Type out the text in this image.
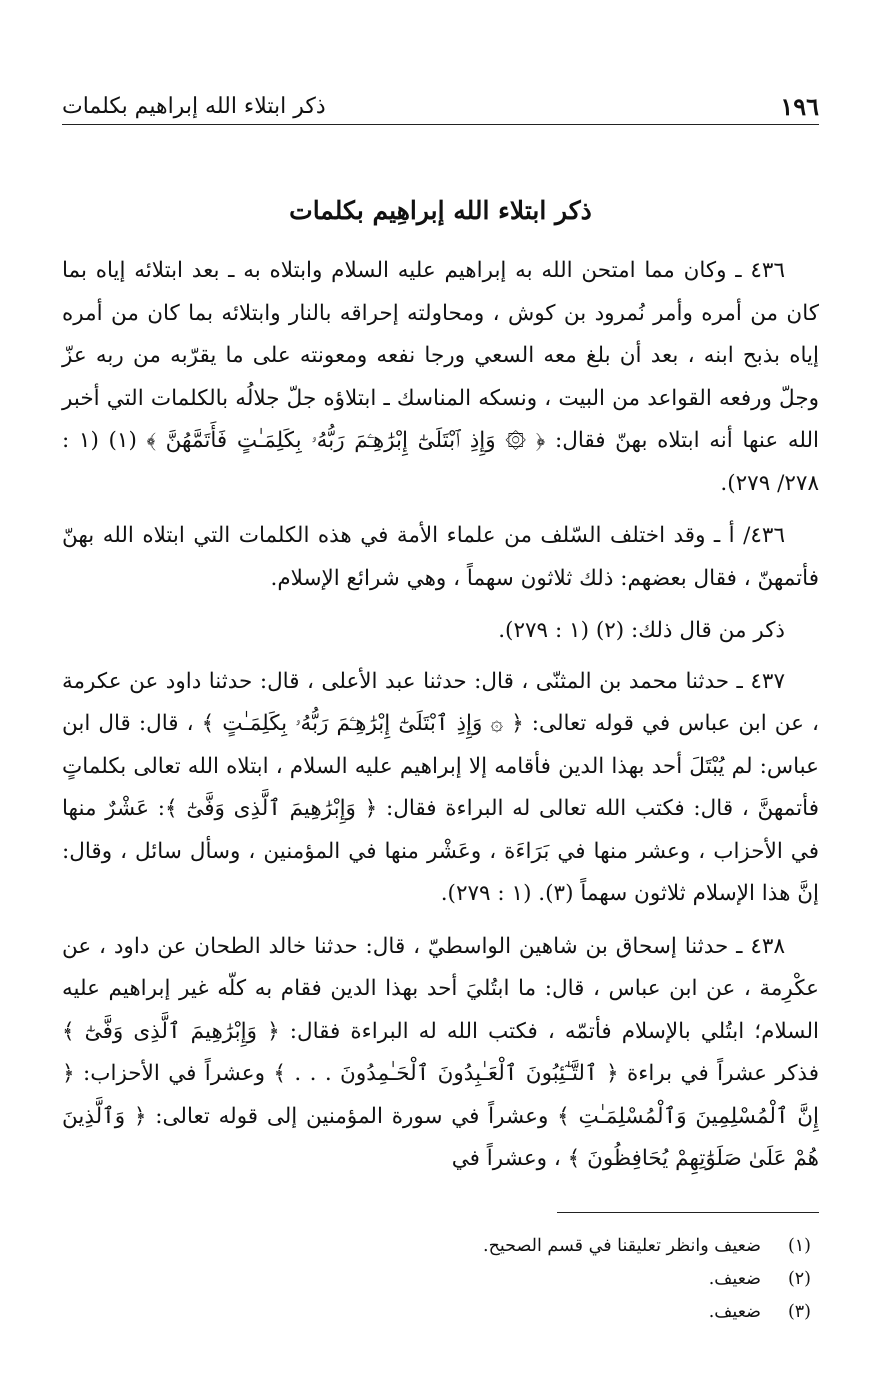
١٩٦
ذكر ابتلاء الله إبراهيم بكلمات
ذكر ابتلاء الله إبراهِيم بكلمات

٤٣٦ ـ وكان مما امتحن الله به إبراهيم عليه السلام وابتلاه به ـ بعد ابتلائه إياه بما كان من أمره وأمر نُمرود بن كوش ، ومحاولته إحراقه بالنار وابتلائه بما كان من أمره إياه بذبح ابنه ، بعد أن بلغ معه السعي ورجا نفعه ومعونته على ما يقرّبه من ربه عزّ وجلّ ورفعه القواعد من البيت ، ونسكه المناسك ـ ابتلاؤه جلّ جلالُه بالكلمات التي أخبر الله عنها أنه ابتلاه بهنّ فقال: ﴿ ۞ وَإِذِ ٱبْتَلَىٰٓ إِبْرَٰهِـۧمَ رَبُّهُۥ بِكَلِمَـٰتٍ فَأَتَمَّهُنَّ ﴾ (١) (١ : ٢٧٨/ ٢٧٩).

٤٣٦/ أ ـ وقد اختلف السّلف من علماء الأمة في هذه الكلمات التي ابتلاه الله بهنّ فأتمهنّ ، فقال بعضهم: ذلك ثلاثون سهماً ، وهي شرائع الإسلام.

ذكر من قال ذلك: (٢) (١ : ٢٧٩).

٤٣٧ ـ حدثنا محمد بن المثنّى ، قال: حدثنا عبد الأعلى ، قال: حدثنا داود عن عكرمة ، عن ابن عباس في قوله تعالى: ﴿ ۞ وَإِذِ ٱبْتَلَىٰٓ إِبْرَٰهِـۧمَ رَبُّهُۥ بِكَلِمَـٰتٍ ﴾ ، قال: قال ابن عباس: لم يُبْتَلَ أحد بهذا الدين فأقامه إلا إبراهيم عليه السلام ، ابتلاه الله تعالى بكلماتٍ فأتمهنَّ ، قال: فكتب الله تعالى له البراءة فقال: ﴿ وَإِبْرَٰهِيمَ ٱلَّذِى وَفَّىٰٓ ﴾: عَشْرٌ منها في الأحزاب ، وعشر منها في بَرَاءَة ، وعَشْر منها في المؤمنين ، وسأل سائل ، وقال: إنَّ هذا الإسلام ثلاثون سهماً (٣). (١ : ٢٧٩).

٤٣٨ ـ حدثنا إسحاق بن شاهين الواسطيّ ، قال: حدثنا خالد الطحان عن داود ، عن عكْرِمة ، عن ابن عباس ، قال: ما ابتُليَ أحد بهذا الدين فقام به كلّه غير إبراهيم عليه السلام؛ ابتُلي بالإسلام فأتمّه ، فكتب الله له البراءة فقال: ﴿ وَإِبْرَٰهِيمَ ٱلَّذِى وَفَّىٰٓ ﴾ فذكر عشراً في براءة ﴿ ٱلتَّـٰٓئِبُونَ ٱلْعَـٰبِدُونَ ٱلْحَـٰمِدُونَ . . . ﴾ وعشراً في الأحزاب: ﴿ إِنَّ ٱلْمُسْلِمِينَ وَٱلْمُسْلِمَـٰتِ ﴾ وعشراً في سورة المؤمنين إلى قوله تعالى: ﴿ وَٱلَّذِينَ هُمْ عَلَىٰ صَلَوَٰتِهِمْ يُحَافِظُونَ ﴾ ، وعشراً في

(١)
ضعيف وانظر تعليقنا في قسم الصحيح.
(٢)
ضعيف.
(٣)
ضعيف.
